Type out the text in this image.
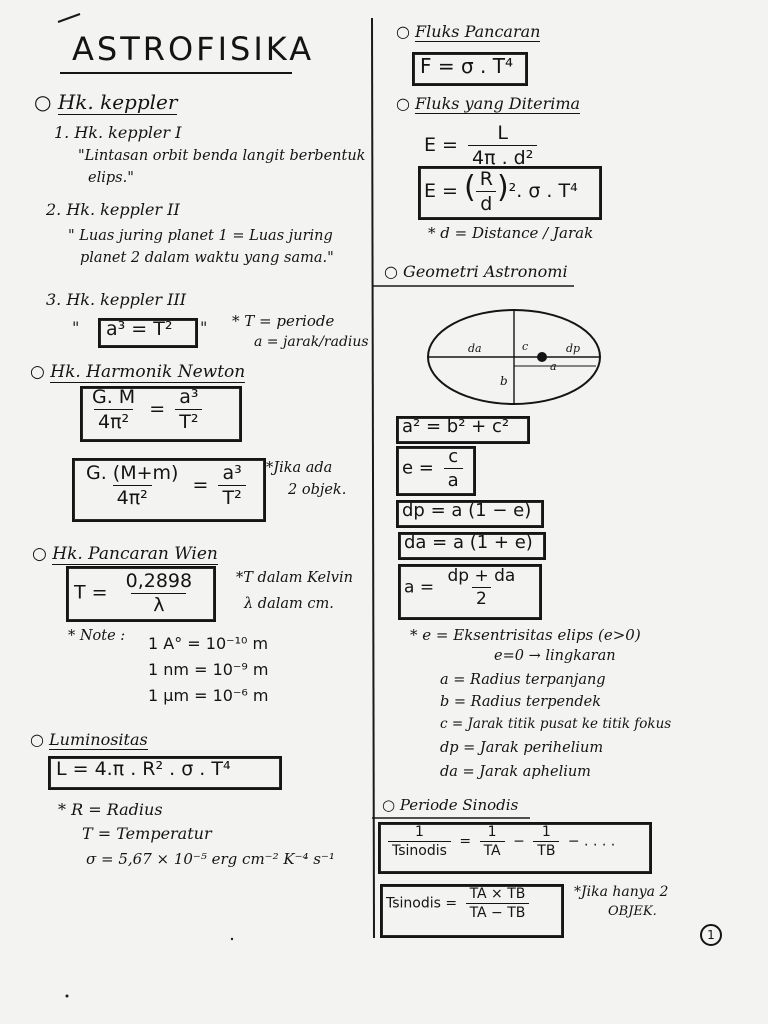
ASTROFISIKA
○ Hk. keppler
1. Hk. keppler I
"Lintasan orbit benda langit berbentuk
elips."
2. Hk. keppler II
" Luas juring planet 1 = Luas juring
planet 2 dalam waktu yang sama."
3. Hk. keppler III
" a³ = T² " * T = periode
a = jarak/radius
○ Hk. Harmonik Newton
$\frac{G. M}{\text{4π²}} = \frac{\text{a³}}{\text{T²}}$
$\frac{G. (M+m)}{\text{4π²}} = \frac{\text{a³}}{\text{T²}}$ *Jika ada
2 objek.
○ Hk. Pancaran Wien
$T = \frac{0,2898}{\lambda}$	*T dalam Kelvin
λ dalam cm.
* Note : 1 A° = 10⁻¹⁰ m
1 nm = 10⁻⁹ m
1 μm = 10⁻⁶ m
○ Luminositas
L = 4.π . R² . σ . T⁴
* R = Radius
T = Temperatur
σ = 5,67 × 10⁻⁵ erg cm⁻² K⁻⁴ s⁻¹
○ Fluks Pancaran
F = σ . T⁴
○ Fluks yang Diterima
$E = \frac{L}{\text{4π . d²}}$
E = ( $\frac{R}{d} )^2$. σ . T⁴
* d = Distance / Jarak
○ Geometri Astronomi
da	c	dp
a
b
a² = b² + c²
$e = \frac{c}{a}$
dp = a (1 − e)
da = a (1 + e)
$a = \frac{dp + da}{2}$
* e = Eksentrisitas elips (e>0)
e=0 → lingkaran
a = Radius terpanjang
b = Radius terpendek
c = Jarak titik pusat ke titik fokus
dp = Jarak perihelium
da = Jarak aphelium
○ Periode Sinodis
$\frac{1}{\text{Tsinodis}} = \frac{1}{TA} - \frac{1}{TB}$ − . . . .
Tsinodis = $\frac{TA \times TB}{TA - TB}$	*Jika hanya 2
OBJEK.
1
